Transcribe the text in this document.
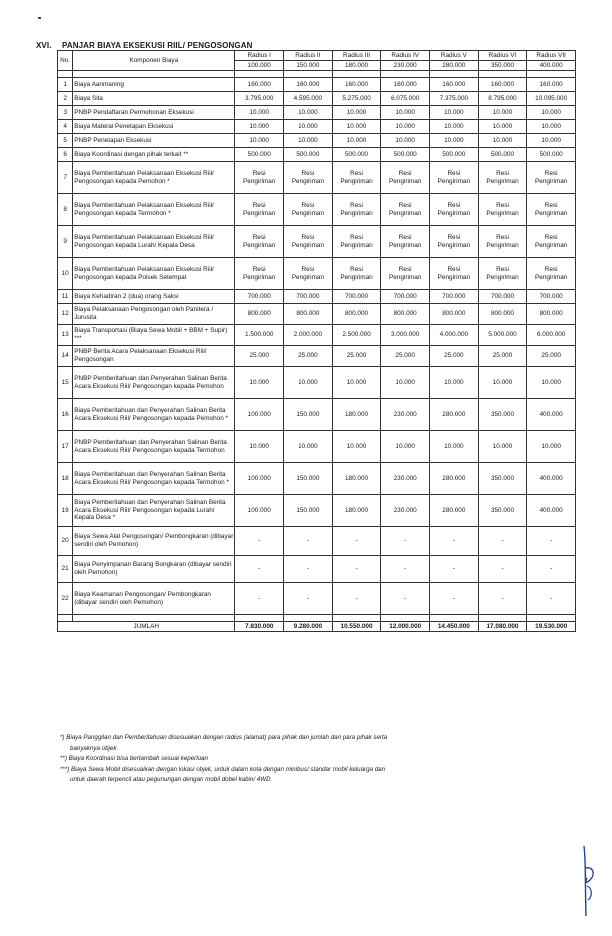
XVI. PANJAR BIAYA EKSEKUSI RIIL/ PENGOSONGAN
No.	Komponen Biaya	Radius I	Radius II	Radius III	Radius IV	Radius V	Radius VI	Radius VII
		100.000	150.000	180.000	230.000	280.000	350.000	400.000

1	Biaya Aanmaning	160.000	160.000	160.000	160.000	160.000	160.000	160.000
2	Biaya Sita	3.795.000	4.595.000	5.275.000	6.075.000	7.375.000	8.795.000	10.095.000
3	PNBP Pendaftaran Permohonan Eksekusi	10.000	10.000	10.000	10.000	10.000	10.000	10.000
4	Biaya Materai Penetapan Eksekusi	10.000	10.000	10.000	10.000	10.000	10.000	10.000
5	PNBP Penetapan Eksekusi	10.000	10.000	10.000	10.000	10.000	10.000	10.000
6	Biaya Koordinasi dengan pihak terkait **	500.000	500.000	500.000	500.000	500.000	500.000	500.000
7	Biaya Pemberitahuan Pelaksanaan Eksekusi Riil/ Pengosongan kepada Pemohon *	Resi Pengiriman	Resi Pengiriman	Resi Pengiriman	Resi Pengiriman	Resi Pengiriman	Resi Pengiriman	Resi Pengiriman
8	Biaya Pemberitahuan Pelaksanaan Eksekusi Riil/ Pengosongan kepada Termohon *	Resi Pengiriman	Resi Pengiriman	Resi Pengiriman	Resi Pengiriman	Resi Pengiriman	Resi Pengiriman	Resi Pengiriman
9	Biaya Pemberitahuan Pelaksanaan Eksekusi Riil/ Pengosongan kepada Lurah/ Kepala Desa	Resi Pengiriman	Resi Pengiriman	Resi Pengiriman	Resi Pengiriman	Resi Pengiriman	Resi Pengiriman	Resi Pengiriman
10	Biaya Pemberitahuan Pelaksanaan Eksekusi Riil/ Pengosongan kepada Polsek Setempat	Resi Pengiriman	Resi Pengiriman	Resi Pengiriman	Resi Pengiriman	Resi Pengiriman	Resi Pengiriman	Resi Pengiriman
11	Biaya Kehadiran 2 (dua) orang Saksi	700.000	700.000	700.000	700.000	700.000	700.000	700.000
12	Biaya Pelaksanaan Pengosongan oleh Panitera / Jurusita	800.000	800.000	800.000	800.000	800.000	800.000	800.000
13	Biaya Transportasi (Biaya Sewa Mobil + BBM + Supir) ***	1.500.000	2.000.000	2.500.000	3.000.000	4.000.000	5.000.000	6.000.000
14	PNBP Berita Acara Pelaksanaan Eksekusi Riil/ Pengosongan	25.000	25.000	25.000	25.000	25.000	25.000	25.000
15	PNBP Pemberitahuan dan Penyerahan Salinan Berita Acara Eksekusi Riil/ Pengosongan kepada Pemohon	10.000	10.000	10.000	10.000	10.000	10.000	10.000
16	Biaya Pemberitahuan dan Penyerahan Salinan Berita Acara Eksekusi Riil/ Pengosongan kepada Pemohon *	100.000	150.000	180.000	230.000	280.000	350.000	400.000
17	PNBP Pemberitahuan dan Penyerahan Salinan Berita Acara Eksekusi Riil/ Pengosongan kepada Termohon	10.000	10.000	10.000	10.000	10.000	10.000	10.000
18	Biaya Pemberitahuan dan Penyerahan Salinan Berita Acara Eksekusi Riil/ Pengosongan kepada Termohon *	100.000	150.000	180.000	230.000	280.000	350.000	400.000
19	Biaya Pemberitahuan dan Penyerahan Salinan Berita Acara Eksekusi Riil/ Pengosongan kepada Lurah/ Kepala Desa *	100.000	150.000	180.000	230.000	280.000	350.000	400.000
20	Biaya Sewa Alat Pengosongan/ Pembongkaran (dibayar sendiri oleh Pemohon)	-	-	-	-	-	-	-
21	Biaya Penyimpanan Barang Bongkaran (dibayar sendiri oleh Pemohon)	-	-	-	-	-	-	-
22	Biaya Keamanan Pengosongan/ Pembongkaran (dibayar sendiri oleh Pemohon)	-	-	-	-	-	-	-

JUMLAH		7.830.000	9.280.000	10.550.000	12.000.000	14.450.000	17.080.000	19.530.000
*) Biaya Panggilan dan Pemberitahuan disesuaikan dengan radius (alamat) para pihak dan jumlah dari para pihak serta
banyaknya objek
**) Biaya Koordinasi bisa bertambah sesuai keperluan
***) Biaya Sewa Mobil disesuaikan dengan lokasi objek, untuk dalam kota dengan minibus/ standar mobil keluarga dan
untuk daerah terpencil atau pegunungan dengan mobil dobel kabin/ 4WD
